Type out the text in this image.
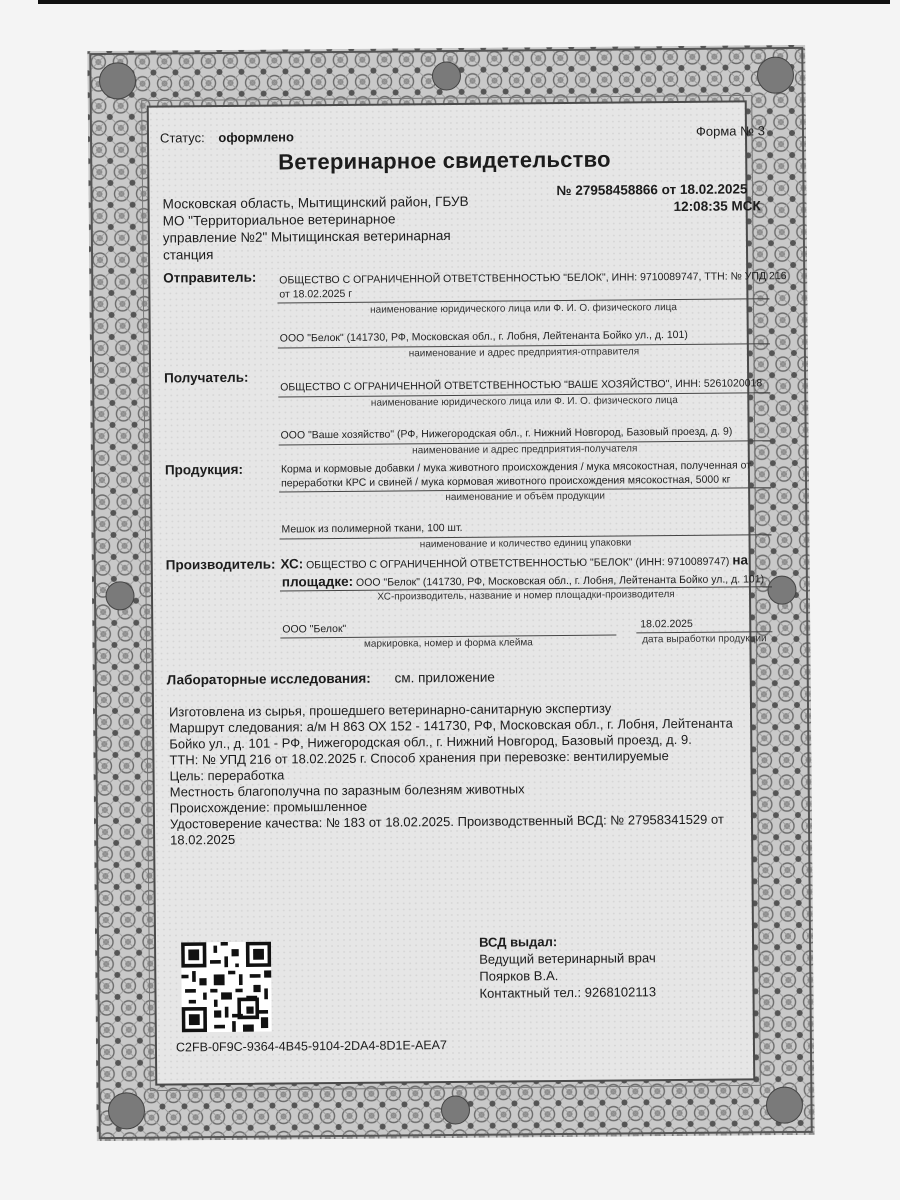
Статус: оформлено	Форма № 3
Ветеринарное свидетельство
Московская область, Мытищинский район, ГБУВ
МО "Территориальное ветеринарное
управление №2" Мытищинская ветеринарная
станция
№ 27958458866 от 18.02.2025
12:08:35 МСК
Отправитель: ОБЩЕСТВО С ОГРАНИЧЕННОЙ ОТВЕТСТВЕННОСТЬЮ "БЕЛОК", ИНН: 9710089747, ТТН: № УПД 216
от 18.02.2025 г
наименование юридического лица или Ф. И. О. физического лица
ООО "Белок" (141730, РФ, Московская обл., г. Лобня, Лейтенанта Бойко ул., д. 101)
наименование и адрес предприятия-отправителя
Получатель:	ОБЩЕСТВО С ОГРАНИЧЕННОЙ ОТВЕТСТВЕННОСТЬЮ "ВАШЕ ХОЗЯЙСТВО", ИНН: 5261020018
наименование юридического лица или Ф. И. О. физического лица
ООО "Ваше хозяйство" (РФ, Нижегородская обл., г. Нижний Новгород, Базовый проезд, д. 9)
наименование и адрес предприятия-получателя
Продукция:	Корма и кормовые добавки / мука животного происхождения / мука мясокостная, полученная от
переработки КРС и свиней / мука кормовая животного происхождения мясокостная, 5000 кг
наименование и объём продукции
Мешок из полимерной ткани, 100 шт.
наименование и количество единиц упаковки
Производитель: ХС: ОБЩЕСТВО С ОГРАНИЧЕННОЙ ОТВЕТСТВЕННОСТЬЮ "БЕЛОК" (ИНН: 9710089747) на
площадке: ООО "Белок" (141730, РФ, Московская обл., г. Лобня, Лейтенанта Бойко ул., д. 101)
ХС-производитель, название и номер площадки-производителя
ООО "Белок"
маркировка, номер и форма клейма
18.02.2025
дата выработки продукции
Лабораторные исследования: см. приложение
Изготовлена из сырья, прошедшего ветеринарно-санитарную экспертизу
Маршрут следования: а/м Н 863 ОХ 152 - 141730, РФ, Московская обл., г. Лобня, Лейтенанта
Бойко ул., д. 101 - РФ, Нижегородская обл., г. Нижний Новгород, Базовый проезд, д. 9.
ТТН: № УПД 216 от 18.02.2025 г. Способ хранения при перевозке: вентилируемые
Цель: переработка
Местность благополучна по заразным болезням животных
Происхождение: промышленное
Удостоверение качества: № 183 от 18.02.2025. Производственный ВСД: № 27958341529 от
18.02.2025
ВСД выдал:
Ведущий ветеринарный врач
Поярков В.А.
Контактный тел.: 9268102113
C2FB-0F9C-9364-4B45-9104-2DA4-8D1E-AEA7
